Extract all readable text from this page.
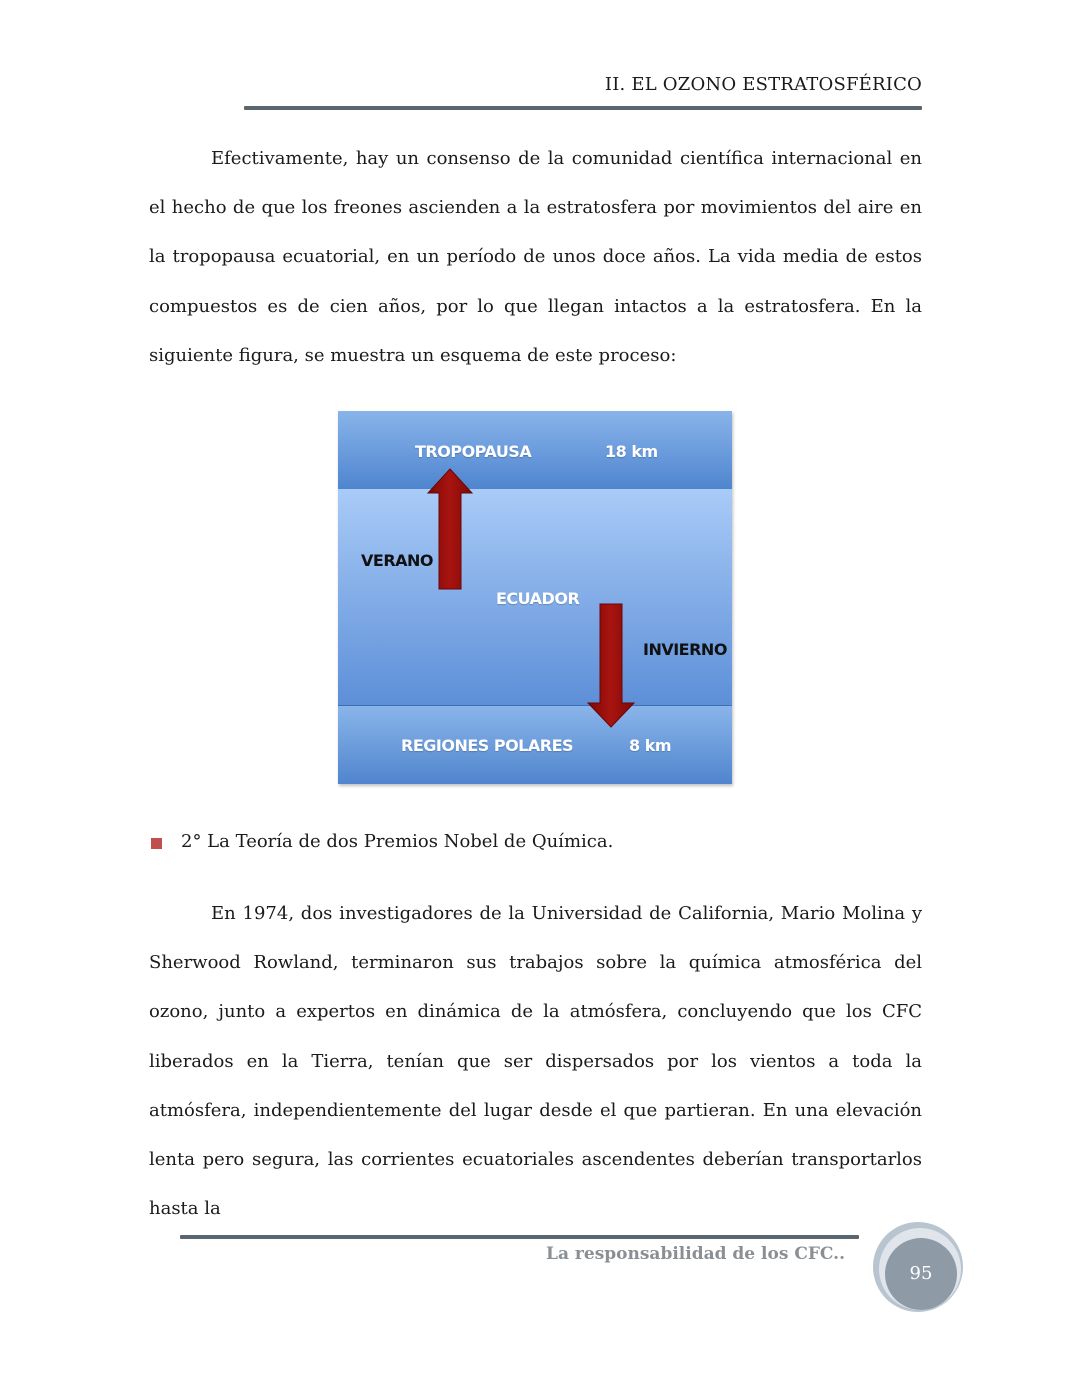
II. EL OZONO ESTRATOSFÉRICO
Efectivamente, hay un consenso de la comunidad científica internacional en el hecho de que los freones ascienden a la estratosfera por movimientos del aire en la tropopausa ecuatorial, en un período de unos doce años. La vida media de estos compuestos es de cien años, por lo que llegan intactos a la estratosfera. En la siguiente figura, se muestra un esquema de este proceso:
TROPOPAUSA	18 km
VERANO
ECUADOR
INVIERNO
REGIONES POLARES	8 km
2° La Teoría de dos Premios Nobel de Química.
En 1974, dos investigadores de la Universidad de California, Mario Molina y Sherwood Rowland, terminaron sus trabajos sobre la química atmosférica del ozono, junto a expertos en dinámica de la atmósfera, concluyendo que los CFC liberados en la Tierra, tenían que ser dispersados por los vientos a toda la atmósfera, independientemente del lugar desde el que partieran. En una elevación lenta pero segura, las corrientes ecuatoriales ascendentes deberían transportarlos hasta la
La responsabilidad de los CFC..
95
